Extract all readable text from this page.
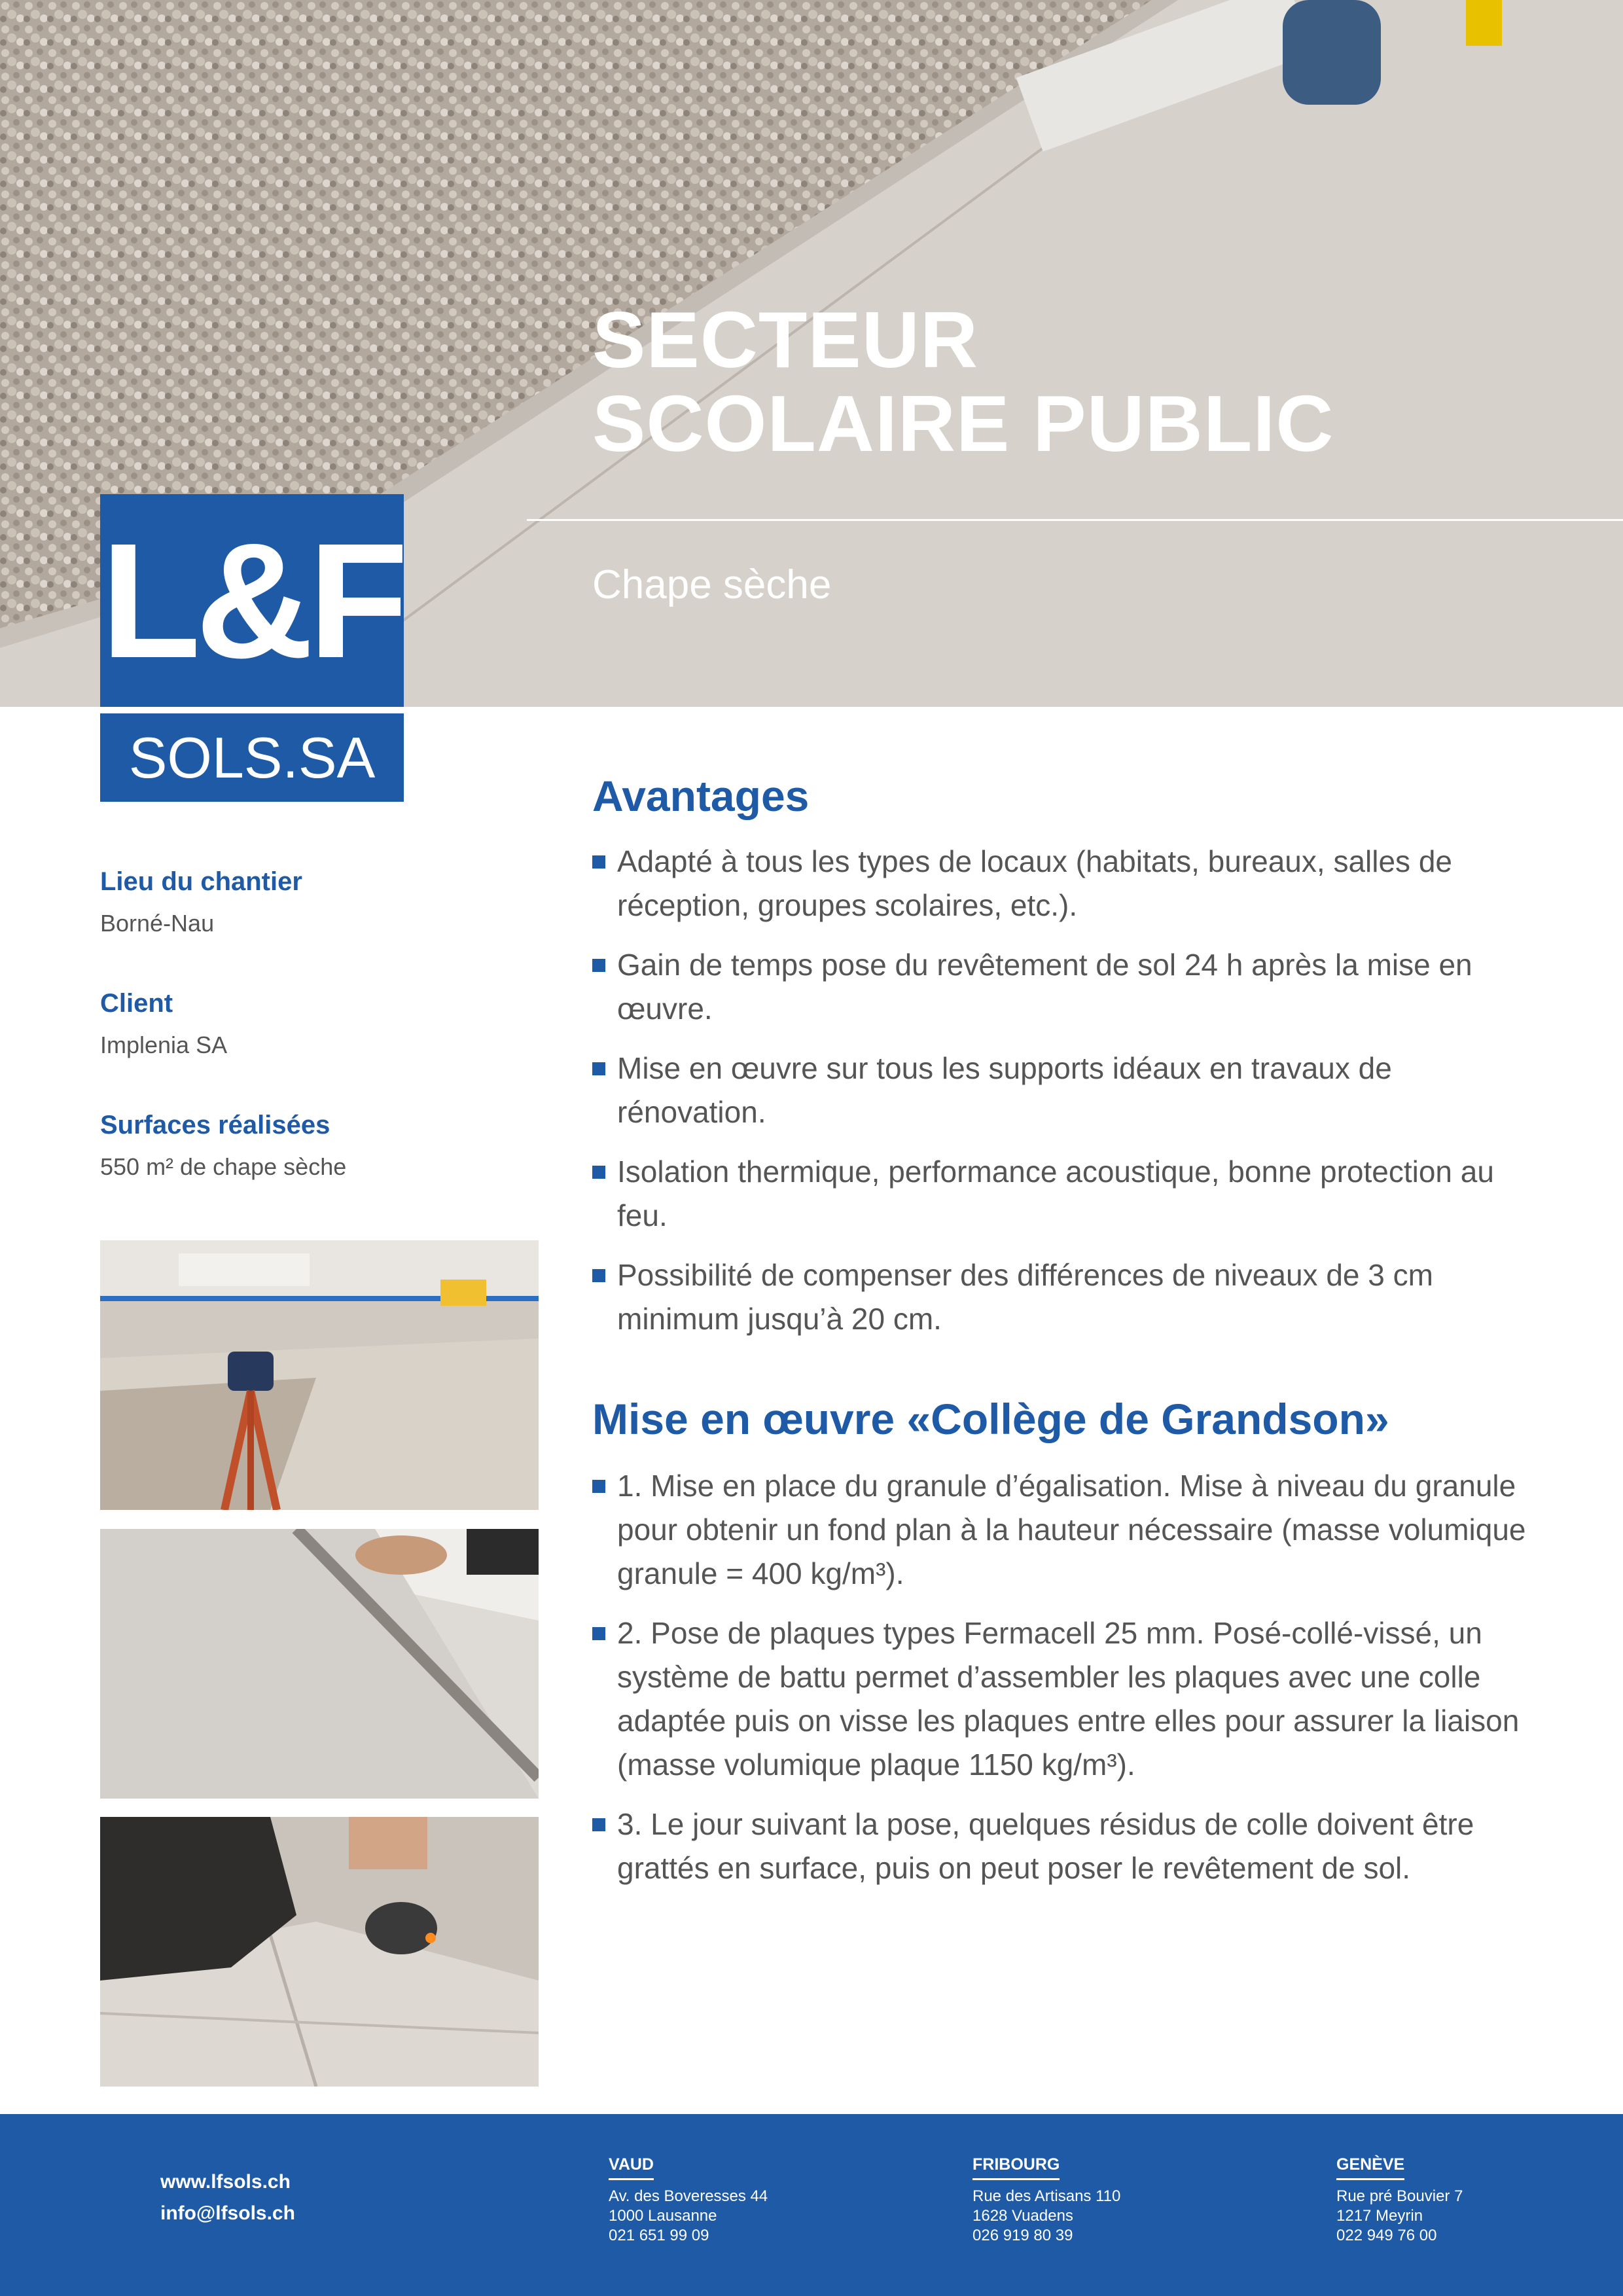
SECTEUR
SCOLAIRE PUBLIC
Chape sèche
L&F
SOLS.SA
Lieu du chantier
Borné-Nau
Client
Implenia SA
Surfaces réalisées
550 m² de chape sèche
Avantages
Adapté à tous les types de locaux (habitats, bureaux, salles de réception, groupes scolaires, etc.).
Gain de temps pose du revêtement de sol 24 h après la mise en œuvre.
Mise en œuvre sur tous les supports idéaux en travaux de rénovation.
Isolation thermique, performance acoustique, bonne protection au feu.
Possibilité de compenser des différences de niveaux de 3 cm minimum jusqu’à 20 cm.
Mise en œuvre «Collège de Grandson»
1. Mise en place du granule d’égalisation. Mise à niveau du granule pour obtenir un fond plan à la hauteur nécessaire (masse volumique granule = 400 kg/m³).
2. Pose de plaques types Fermacell 25 mm. Posé-collé-vissé, un système de battu permet d’assembler les plaques avec une colle adaptée puis on visse les plaques entre elles pour assurer la liaison (masse volumique plaque 1150 kg/m³).
3. Le jour suivant la pose, quelques résidus de colle doivent être grattés en surface, puis on peut poser le revêtement de sol.
www.lfsols.ch
info@lfsols.ch
VAUD
Av. des Boveresses 44
1000 Lausanne
021 651 99 09
FRIBOURG
Rue des Artisans 110
1628 Vuadens
026 919 80 39
GENÈVE
Rue pré Bouvier 7
1217 Meyrin
022 949 76 00
